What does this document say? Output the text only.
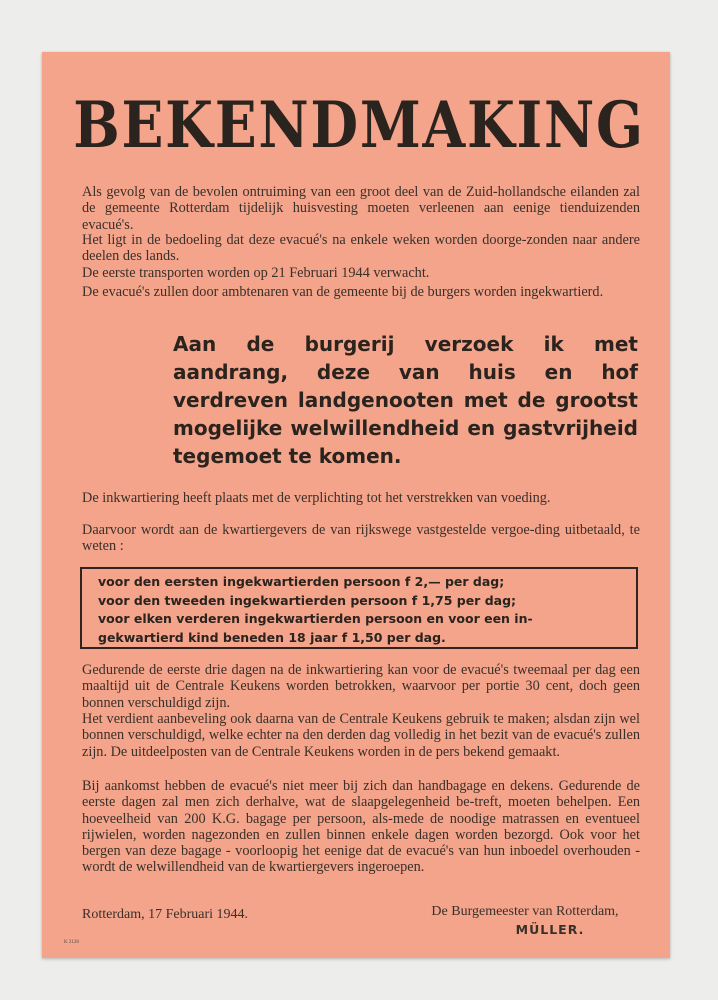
BEKENDMAKING
Als gevolg van de bevolen ontruiming van een groot deel van de Zuid-hollandsche eilanden zal de gemeente Rotterdam tijdelijk huisvesting moeten verleenen aan eenige tienduizenden evacué's.
Het ligt in de bedoeling dat deze evacué's na enkele weken worden doorge-zonden naar andere deelen des lands.
De eerste transporten worden op 21 Februari 1944 verwacht.
De evacué's zullen door ambtenaren van de gemeente bij de burgers worden ingekwartierd.
Aan de burgerij verzoek ik met aandrang, deze van huis en hof verdreven landgenooten met de grootst mogelijke welwillendheid en gastvrijheid tegemoet te komen.
De inkwartiering heeft plaats met de verplichting tot het verstrekken van voeding.
Daarvoor wordt aan de kwartiergevers de van rijkswege vastgestelde vergoe-ding uitbetaald, te weten :
voor den eersten ingekwartierden persoon f 2,— per dag;
voor den tweeden ingekwartierden persoon f 1,75 per dag;
voor elken verderen ingekwartierden persoon en voor een in-
gekwartierd kind beneden 18 jaar f 1,50 per dag.
Gedurende de eerste drie dagen na de inkwartiering kan voor de evacué's tweemaal per dag een maaltijd uit de Centrale Keukens worden betrokken, waarvoor per portie 30 cent, doch geen bonnen verschuldigd zijn.
Het verdient aanbeveling ook daarna van de Centrale Keukens gebruik te maken; alsdan zijn wel bonnen verschuldigd, welke echter na den derden dag volledig in het bezit van de evacué's zullen zijn. De uitdeelposten van de Centrale Keukens worden in de pers bekend gemaakt.
Bij aankomst hebben de evacué's niet meer bij zich dan handbagage en dekens. Gedurende de eerste dagen zal men zich derhalve, wat de slaapgelegenheid be-treft, moeten behelpen. Een hoeveelheid van 200 K.G. bagage per persoon, als-mede de noodige matrassen en eventueel rijwielen, worden nagezonden en zullen binnen enkele dagen worden bezorgd. Ook voor het bergen van deze bagage - voorloopig het eenige dat de evacué's van hun inboedel overhouden - wordt de welwillendheid van de kwartiergevers ingeroepen.
Rotterdam, 17 Februari 1944.	De Burgemeester van Rotterdam,
MÜLLER.
K 2128
